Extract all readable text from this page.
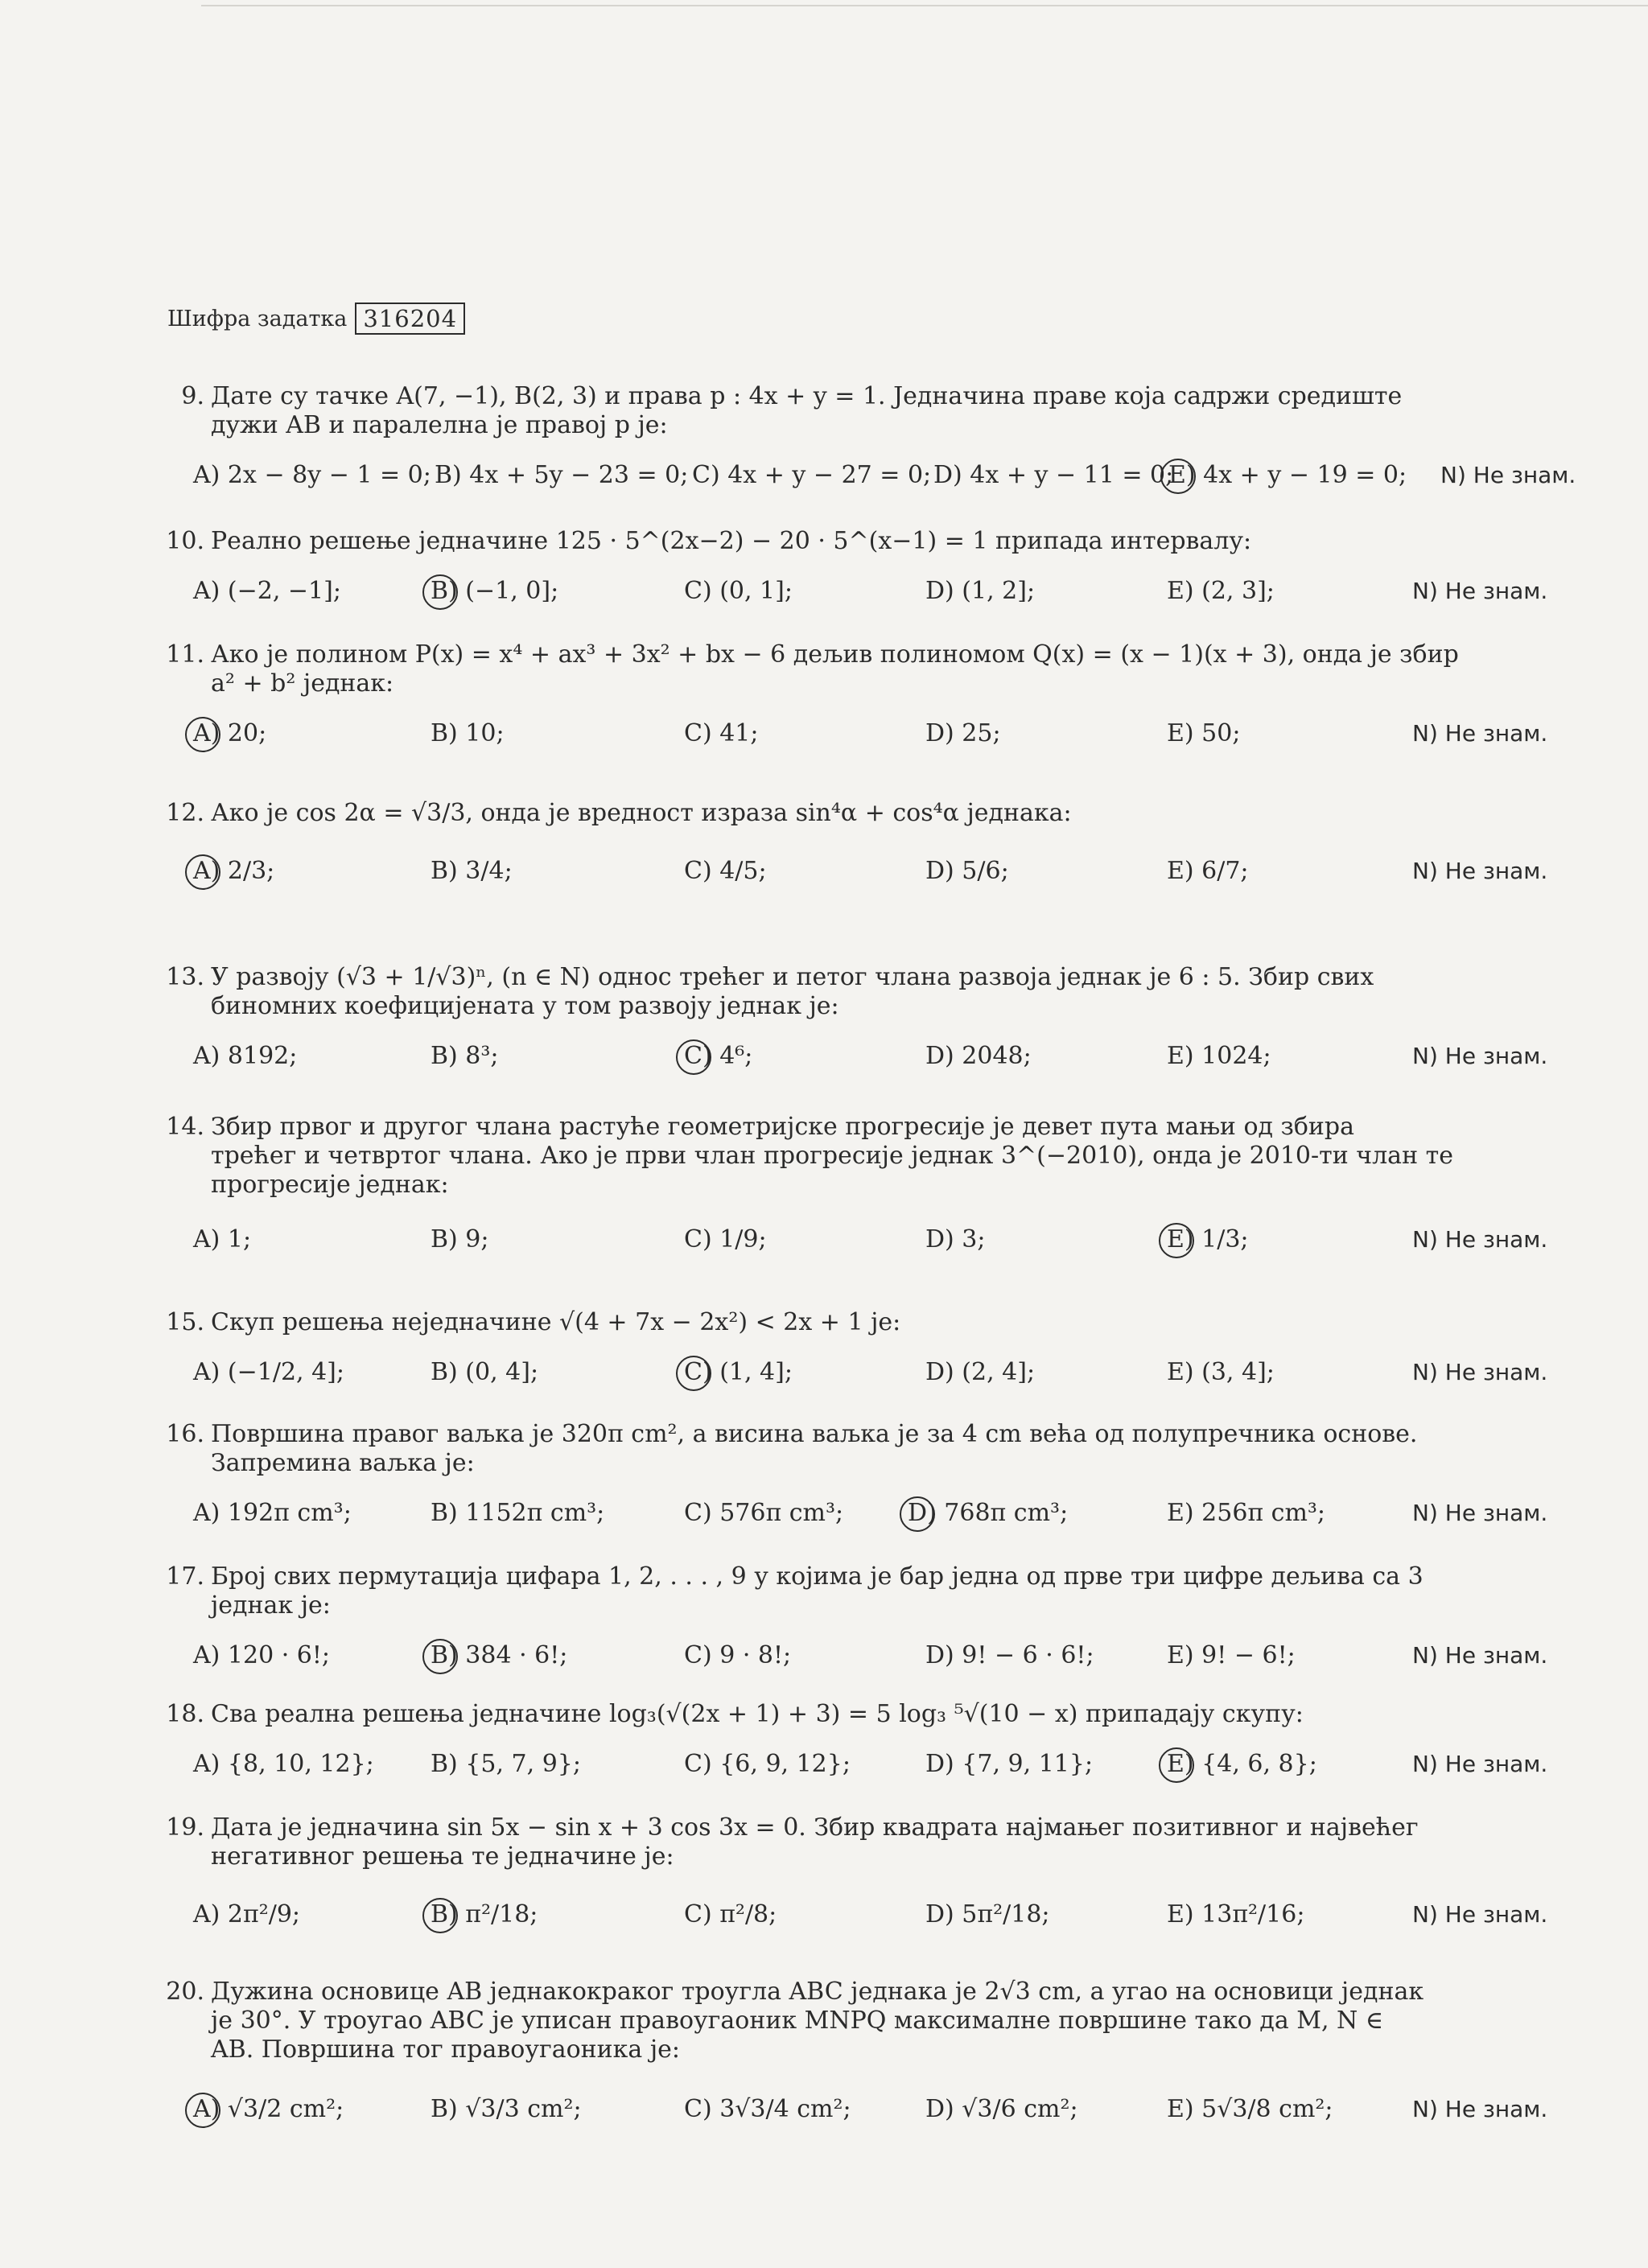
Шифра задатка 316204
9. Дате су тачке A(7, −1), B(2, 3) и права p : 4x + y = 1. Једначина праве која садржи средиште
дужи AB и паралелна је правој p је:
A) 2x − 8y − 1 = 0; B) 4x + 5y − 23 = 0; C) 4x + y − 27 = 0; D) 4x + y − 11 = 0;
E) 4x + y − 19 = 0; N) Не знам.
10. Реално решење једначине 125 · 5^(2x−2) − 20 · 5^(x−1) = 1 припада интервалу:
A) (−2, −1];	B) (−1, 0];	C) (0, 1];	D) (1, 2];	E) (2, 3];	N) Не знам.
11. Ако је полином P(x) = x⁴ + ax³ + 3x² + bx − 6 дељив полиномом Q(x) = (x − 1)(x + 3), онда је збир
a² + b² једнак:
A) 20;	B) 10;	C) 41;	D) 25;	E) 50;	N) Не знам.
12. Ако је cos 2α = √3/3, онда је вредност израза sin⁴α + cos⁴α једнака:
A) 2/3;	B) 3/4;	C) 4/5;	D) 5/6;	E) 6/7;	N) Не знам.
13. У развоју (√3 + 1/√3)ⁿ, (n ∈ N) однос трећег и петог члана развоја једнак је 6 : 5. Збир свих
биномних коефицијената у том развоју једнак је:
A) 8192;	B) 8³;	C) 4⁶;	D) 2048;	E) 1024;	N) Не знам.
14. Збир првог и другог члана растуће геометријске прогресије је девет пута мањи од збира
трећег и четвртог члана. Ако је први члан прогресије једнак 3^(−2010), онда је 2010-ти члан те
прогресије једнак:
A) 1;	B) 9;	C) 1/9;	D) 3;	E) 1/3;	N) Не знам.
15. Скуп решења неједначине √(4 + 7x − 2x²) < 2x + 1 је:
A) (−1/2, 4];	B) (0, 4];	C) (1, 4];	D) (2, 4];	E) (3, 4];	N) Не знам.
16. Површина правог ваљка је 320π cm², а висина ваљка је за 4 cm већа од полупречника основе.
Запремина ваљка је:
A) 192π cm³;	B) 1152π cm³;	C) 576π cm³;	D) 768π cm³;	E) 256π cm³;	N) Не знам.
17. Број свих пермутација цифара 1, 2, . . . , 9 у којима је бар једна од прве три цифре дељива са 3
једнак је:
A) 120 · 6!;	B) 384 · 6!;	C) 9 · 8!;	D) 9! − 6 · 6!;	E) 9! − 6!;	N) Не знам.
18. Сва реална решења једначине log₃(√(2x + 1) + 3) = 5 log₃ ⁵√(10 − x) припадају скупу:
A) {8, 10, 12}; B) {5, 7, 9};	C) {6, 9, 12};	D) {7, 9, 11};	E) {4, 6, 8};	N) Не знам.
19. Дата је једначина sin 5x − sin x + 3 cos 3x = 0. Збир квадрата најмањег позитивног и највећег
негативног решења те једначине је:
A) 2π²/9;	B) π²/18;	C) π²/8;	D) 5π²/18;	E) 13π²/16;	N) Не знам.
20. Дужина основице AB једнакокраког троугла ABC једнака је 2√3 cm, а угао на основици једнак
је 30°. У троугао ABC је уписан правоугаоник MNPQ максималне површине тако да M, N ∈
AB. Површина тог правоугаоника је:
A) √3/2 cm²;	B) √3/3 cm²;	C) 3√3/4 cm²;	D) √3/6 cm²;	E) 5√3/8 cm²;	N) Не знам.
